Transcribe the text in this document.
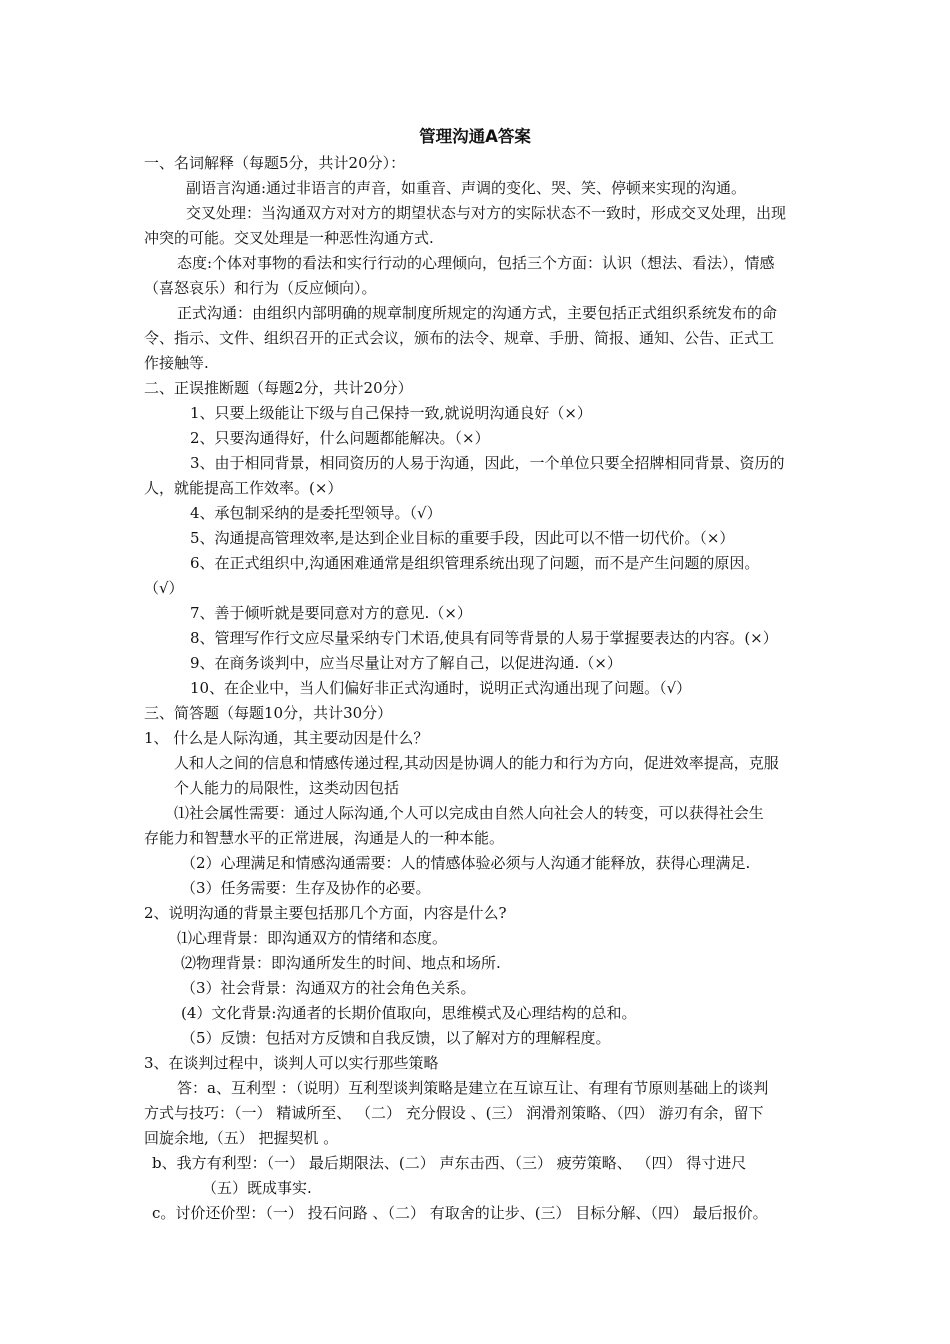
管理沟通A答案
一、名词解释（每题5分，共计20分）：
副语言沟通:通过非语言的声音，如重音、声调的变化、哭、笑、停顿来实现的沟通。
交叉处理：当沟通双方对对方的期望状态与对方的实际状态不一致时，形成交叉处理，出现
冲突的可能。交叉处理是一种恶性沟通方式.
态度:个体对事物的看法和实行行动的心理倾向，包括三个方面：认识（想法、看法），情感
（喜怒哀乐）和行为（反应倾向）。
正式沟通：由组织内部明确的规章制度所规定的沟通方式，主要包括正式组织系统发布的命
令、指示、文件、组织召开的正式会议，颁布的法令、规章、手册、简报、通知、公告、正式工
作接触等.
二、正误推断题（每题2分，共计20分）
1、只要上级能让下级与自己保持一致,就说明沟通良好（×）
2、只要沟通得好，什么问题都能解决。（×）
3、由于相同背景，相同资历的人易于沟通，因此，一个单位只要全招牌相同背景、资历的
人，就能提高工作效率。(×）
4、承包制采纳的是委托型领导。（√）
5、沟通提高管理效率,是达到企业目标的重要手段，因此可以不惜一切代价。（×）
6、在正式组织中,沟通困难通常是组织管理系统出现了问题，而不是产生问题的原因。
（√）
7、善于倾听就是要同意对方的意见.（×）
8、管理写作行文应尽量采纳专门术语,使具有同等背景的人易于掌握要表达的内容。(×）
9、在商务谈判中，应当尽量让对方了解自己，以促进沟通.（×）
10、在企业中，当人们偏好非正式沟通时，说明正式沟通出现了问题。（√）
三、简答题（每题10分，共计30分）
1、 什么是人际沟通，其主要动因是什么？
人和人之间的信息和情感传递过程,其动因是协调人的能力和行为方向，促进效率提高，克服
个人能力的局限性，这类动因包括
⑴社会属性需要：通过人际沟通,个人可以完成由自然人向社会人的转变，可以获得社会生
存能力和智慧水平的正常进展，沟通是人的一种本能。
（2）心理满足和情感沟通需要：人的情感体验必须与人沟通才能释放，获得心理满足.
（3）任务需要：生存及协作的必要。
2、说明沟通的背景主要包括那几个方面，内容是什么?
⑴心理背景：即沟通双方的情绪和态度。
⑵物理背景：即沟通所发生的时间、地点和场所.
（3）社会背景：沟通双方的社会角色关系。
(4）文化背景:沟通者的长期价值取向，思维模式及心理结构的总和。
（5）反馈：包括对方反馈和自我反馈，以了解对方的理解程度。
3、在谈判过程中，谈判人可以实行那些策略
答：a、互利型 ：（说明）互利型谈判策略是建立在互谅互让、有理有节原则基础上的谈判
方式与技巧：（一） 精诚所至、 （二） 充分假设 、(三） 润滑剂策略、（四） 游刃有余，留下
回旋余地,（五） 把握契机 。
b、我方有利型：（一） 最后期限法、(二） 声东击西、（三） 疲劳策略、 （四） 得寸进尺
（五）既成事实.
c。讨价还价型：（一） 投石问路 、（二） 有取舍的让步、(三） 目标分解、（四） 最后报价。
